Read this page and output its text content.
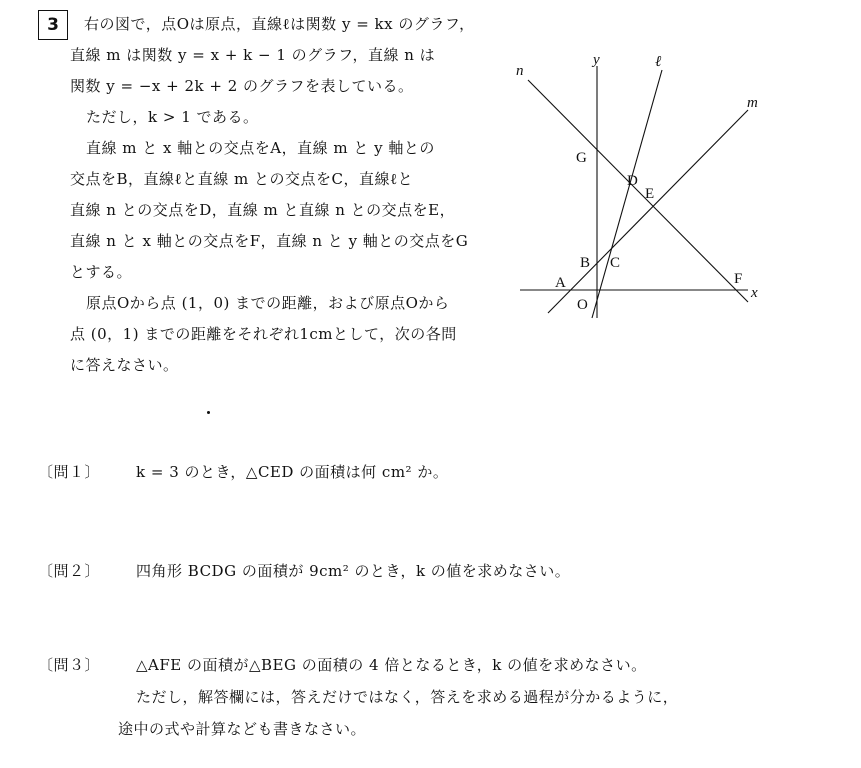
3	右の図で，点Oは原点，直線ℓは関数 y = kx のグラフ，
直線 m は関数 y = x + k − 1 のグラフ，直線 n は
関数 y = −x + 2k + 2 のグラフを表している。
ただし，k > 1 である。
直線 m と x 軸との交点をA，直線 m と y 軸との
交点をB，直線ℓと直線 m との交点をC，直線ℓと
直線 n との交点をD，直線 m と直線 n との交点をE，
直線 n と x 軸との交点をF，直線 n と y 軸との交点をG
とする。
原点Oから点 (1，0) までの距離，および原点Oから
点 (0，1) までの距離をそれぞれ1cmとして，次の各問
に答えなさい。
y	ℓ
n
m
x
G
D
E
B C
A	F
O
〔問１〕 k = 3 のとき，△CED の面積は何 cm² か。
〔問２〕 四角形 BCDG の面積が 9cm² のとき，k の値を求めなさい。
〔問３〕 △AFE の面積が△BEG の面積の 4 倍となるとき，k の値を求めなさい。
ただし，解答欄には，答えだけではなく，答えを求める過程が分かるように，
途中の式や計算なども書きなさい。
